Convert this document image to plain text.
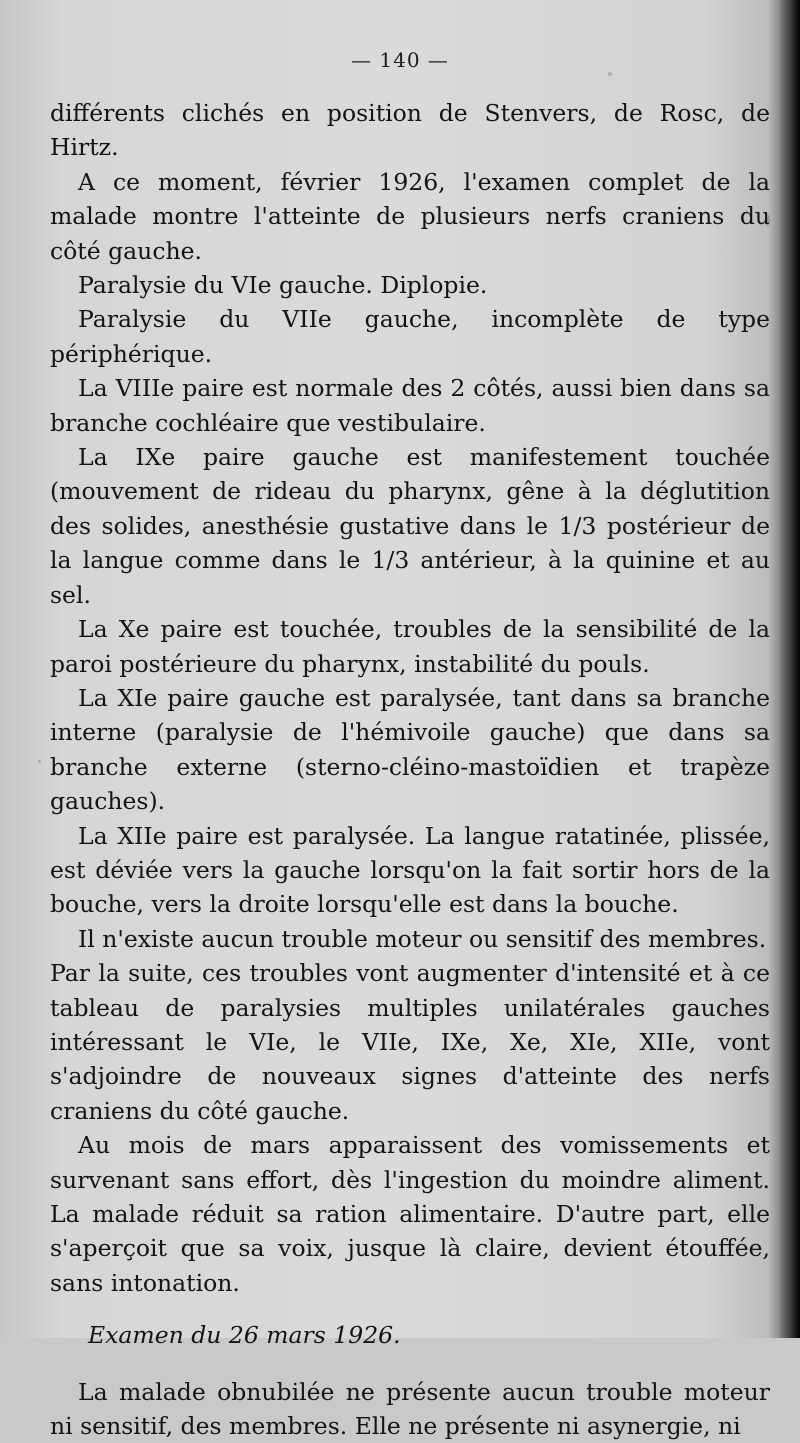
— 140 —

différents clichés en position de Stenvers, de Rosc, de Hirtz.

A ce moment, février 1926, l'examen complet de la malade montre l'atteinte de plusieurs nerfs craniens du côté gauche.

Paralysie du VIe gauche. Diplopie.

Paralysie du VIIe gauche, incomplète de type périphérique.

La VIIIe paire est normale des 2 côtés, aussi bien dans sa branche cochléaire que vestibulaire.

La IXe paire gauche est manifestement touchée (mouvement de rideau du pharynx, gêne à la déglutition des solides, anesthésie gustative dans le 1/3 postérieur de la langue comme dans le 1/3 antérieur, à la quinine et au sel.

La Xe paire est touchée, troubles de la sensibilité de la paroi postérieure du pharynx, instabilité du pouls.

La XIe paire gauche est paralysée, tant dans sa branche interne (paralysie de l'hémivoile gauche) que dans sa branche externe (sterno-cléino-mastoïdien et trapèze gauches).

La XIIe paire est paralysée. La langue ratatinée, plissée, est déviée vers la gauche lorsqu'on la fait sortir hors de la bouche, vers la droite lorsqu'elle est dans la bouche.

Il n'existe aucun trouble moteur ou sensitif des membres.

Par la suite, ces troubles vont augmenter d'intensité et à ce tableau de paralysies multiples unilatérales gauches intéressant le VIe, le VIIe, IXe, Xe, XIe, XIIe, vont s'adjoindre de nouveaux signes d'atteinte des nerfs craniens du côté gauche.

Au mois de mars apparaissent des vomissements et survenant sans effort, dès l'ingestion du moindre aliment. La malade réduit sa ration alimentaire. D'autre part, elle s'aperçoit que sa voix, jusque là claire, devient étouffée, sans intonation.

Examen du 26 mars 1926.

La malade obnubilée ne présente aucun trouble moteur ni sensitif, des membres. Elle ne présente ni asynergie, ni
